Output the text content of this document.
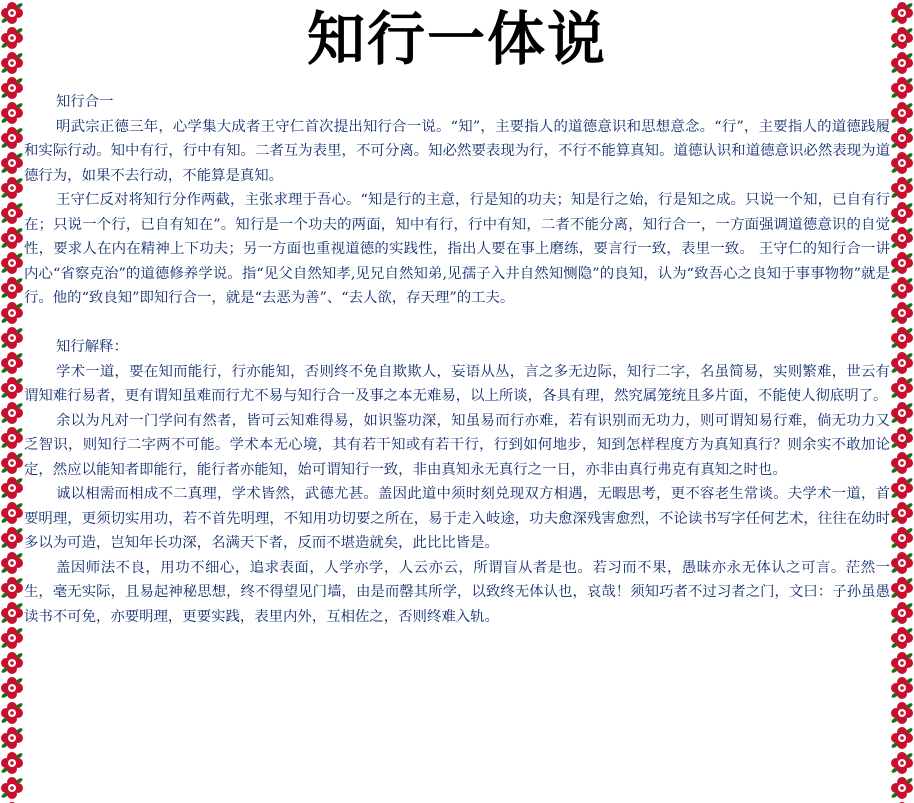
知行一体说

知行合一

明武宗正德三年，心学集大成者王守仁首次提出知行合一说。“知”，主要指人的道德意识和思想意念。“行”，主要指人的道德践履和实际行动。知中有行，行中有知。二者互为表里，不可分离。知必然要表现为行，不行不能算真知。道德认识和道德意识必然表现为道德行为，如果不去行动，不能算是真知。

王守仁反对将知行分作两截，主张求理于吾心。“知是行的主意，行是知的功夫；知是行之始，行是知之成。只说一个知，已自有行在；只说一个行，已自有知在”。知行是一个功夫的两面，知中有行，行中有知，二者不能分离，知行合一，一方面强调道德意识的自觉性，要求人在内在精神上下功夫；另一方面也重视道德的实践性，指出人要在事上磨练，要言行一致，表里一致。 王守仁的知行合一讲内心“省察克治”的道德修养学说。指“见父自然知孝,见兄自然知弟,见孺子入井自然知恻隐”的良知，认为“致吾心之良知于事事物物”就是行。他的“致良知”即知行合一，就是“去恶为善”、“去人欲，存天理”的工夫。

知行解释：

学术一道，要在知而能行，行亦能知，否则终不免自欺欺人，妄语从丛，言之多无边际，知行二字，名虽简易，实则繁难，世云有谓知难行易者，更有谓知虽难而行尤不易与知行合一及事之本无难易，以上所谈，各具有理，然究属笼统且多片面，不能使人彻底明了。

余以为凡对一门学问有然者，皆可云知难得易，如识鉴功深，知虽易而行亦难，若有识别而无功力，则可谓知易行难，倘无功力又乏智识，则知行二字两不可能。学术本无心境，其有若干知或有若干行，行到如何地步，知到怎样程度方为真知真行？则余实不敢加论定，然应以能知者即能行，能行者亦能知，始可谓知行一致，非由真知永无真行之一日，亦非由真行弗克有真知之时也。

诚以相需而相成不二真理，学术皆然，武德尤甚。盖因此道中须时刻兑现双方相遇，无暇思考，更不容老生常谈。夫学术一道，首要明理，更须切实用功，若不首先明理，不知用功切要之所在，易于走入岐途，功夫愈深残害愈烈，不论读书写字任何艺术，往往在幼时多以为可造，岂知年长功深，名满天下者，反而不堪造就矣，此比比皆是。

盖因师法不良，用功不细心，追求表面，人学亦学，人云亦云，所谓盲从者是也。若习而不果，愚昧亦永无体认之可言。茫然一生，毫无实际，且易起神秘思想，终不得望见门墙，由是而罄其所学，以致终无体认也，哀哉！须知巧者不过习者之门，文曰：子孙虽愚读书不可免，亦要明理，更要实践，表里内外，互相佐之，否则终难入轨。
